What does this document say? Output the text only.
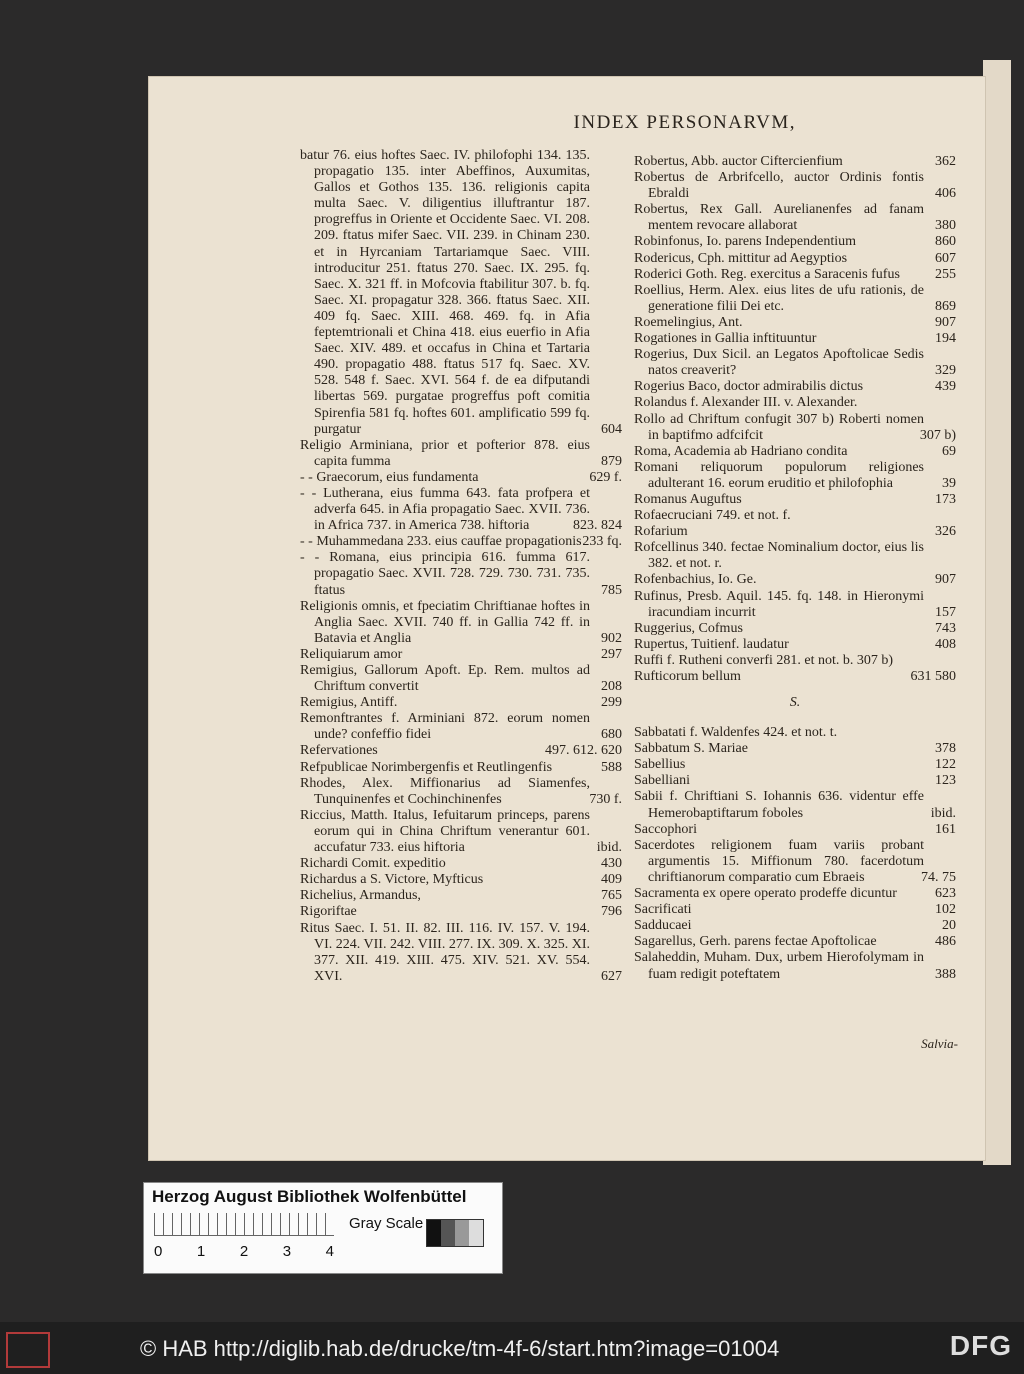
INDEX PERSONARVM,
batur 76. eius hoftes Saec. IV. philofophi 134. 135. propagatio 135. inter Abeffinos, Auxumitas, Gallos et Gothos 135. 136. religionis capita multa Saec. V. diligentius illuftrantur 187. progreffus in Oriente et Occidente Saec. VI. 208. 209. ftatus mifer Saec. VII. 239. in Chinam 230. et in Hyrcaniam Tartariamque Saec. VIII. introducitur 251. ftatus 270. Saec. IX. 295. fq. Saec. X. 321 ff. in Mofcovia ftabilitur 307. b. fq. Saec. XI. propagatur 328. 366. ftatus Saec. XII. 409 fq. Saec. XIII. 468. 469. fq. in Afia feptemtrionali et China 418. eius euerfio in Afia Saec. XIV. 489. et occafus in China et Tartaria 490. propagatio 488. ftatus 517 fq. Saec. XV. 528. 548 f. Saec. XVI. 564 f. de ea difputandi libertas 569. purgatae progreffus poft comitia Spirenfia 581 fq. hoftes 601. amplificatio 599 fq. purgatur	604
Religio Arminiana, prior et pofterior 878. eius capita fumma	879
- - Graecorum, eius fundamenta	629 f.
- - Lutherana, eius fumma 643. fata profpera et adverfa 645. in Afia propagatio Saec. XVII. 736. in Africa 737. in America 738. hiftoria	823. 824
- - Muhammedana 233. eius cauffae propagationis 233 fq.
- - Romana, eius principia 616. fumma 617. propagatio Saec. XVII. 728. 729. 730. 731. 735. ftatus	785
Religionis omnis, et fpeciatim Chriftianae hoftes in Anglia Saec. XVII. 740 ff. in Gallia 742 ff. in Batavia et Anglia	902
Reliquiarum amor	297
Remigius, Gallorum Apoft. Ep. Rem. multos ad Chriftum convertit	208
Remigius, Antiff.	299
Remonftrantes f. Arminiani 872. eorum nomen unde? confeffio fidei	680
Refervationes	497. 612. 620
Refpublicae Norimbergenfis et Reutlingenfis	588
Rhodes, Alex. Miffionarius ad Siamenfes, Tunquinenfes et Cochinchinenfes	730 f.
Riccius, Matth. Italus, Iefuitarum princeps, parens eorum qui in China Chriftum venerantur 601. accufatur 733. eius hiftoria	ibid.
Richardi Comit. expeditio	430
Richardus a S. Victore, Myfticus	409
Richelius, Armandus,	765
Rigoriftae	796
Ritus Saec. I. 51. II. 82. III. 116. IV. 157. V. 194. VI. 224. VII. 242. VIII. 277. IX. 309. X. 325. XI. 377. XII. 419. XIII. 475. XIV. 521. XV. 554. XVI.	627
Robertus, Abb. auctor Ciftercienfium	362
Robertus de Arbrifcello, auctor Ordinis fontis Ebraldi	406
Robertus, Rex Gall. Aurelianenfes ad fanam mentem revocare allaborat	380
Robinfonus, Io. parens Independentium	860
Rodericus, Cph. mittitur ad Aegyptios	607
Roderici Goth. Reg. exercitus a Saracenis fufus	255
Roellius, Herm. Alex. eius lites de ufu rationis, de generatione filii Dei etc.	869
Roemelingius, Ant.	907
Rogationes in Gallia inftituuntur	194
Rogerius, Dux Sicil. an Legatos Apoftolicae Sedis natos creaverit?	329
Rogerius Baco, doctor admirabilis dictus	439
Rolandus f. Alexander III. v. Alexander.
Rollo ad Chriftum confugit 307 b) Roberti nomen in baptifmo adfcifcit	307 b)
Roma, Academia ab Hadriano condita	69
Romani reliquorum populorum religiones adulterant 16. eorum eruditio et philofophia	39
Romanus Auguftus	173
Rofaecruciani 749. et not. f.
Rofarium	326
Rofcellinus 340. fectae Nominalium doctor, eius lis 382. et not. r.
Rofenbachius, Io. Ge.	907
Rufinus, Presb. Aquil. 145. fq. 148. in Hieronymi iracundiam incurrit	157
Ruggerius, Cofmus	743
Rupertus, Tuitienf. laudatur	408
Ruffi f. Rutheni converfi 281. et not. b. 307 b)
Rufticorum bellum	631 580
S.
Sabbatati f. Waldenfes 424. et not. t.
Sabbatum S. Mariae	378
Sabellius	122
Sabelliani	123
Sabii f. Chriftiani S. Iohannis 636. videntur effe Hemerobaptiftarum foboles	ibid.
Saccophori	161
Sacerdotes religionem fuam variis probant argumentis 15. Miffionum 780. facerdotum chriftianorum comparatio cum Ebraeis	74. 75
Sacramenta ex opere operato prodeffe dicuntur	623
Sacrificati	102
Sadducaei	20
Sagarellus, Gerh. parens fectae Apoftolicae	486
Salaheddin, Muham. Dux, urbem Hierofolymam in fuam redigit poteftatem	388
Salvia-
Herzog August Bibliothek Wolfenbüttel
0 1 2 3 4
Gray Scale
© HAB http://diglib.hab.de/drucke/tm-4f-6/start.htm?image=01004	DFG
